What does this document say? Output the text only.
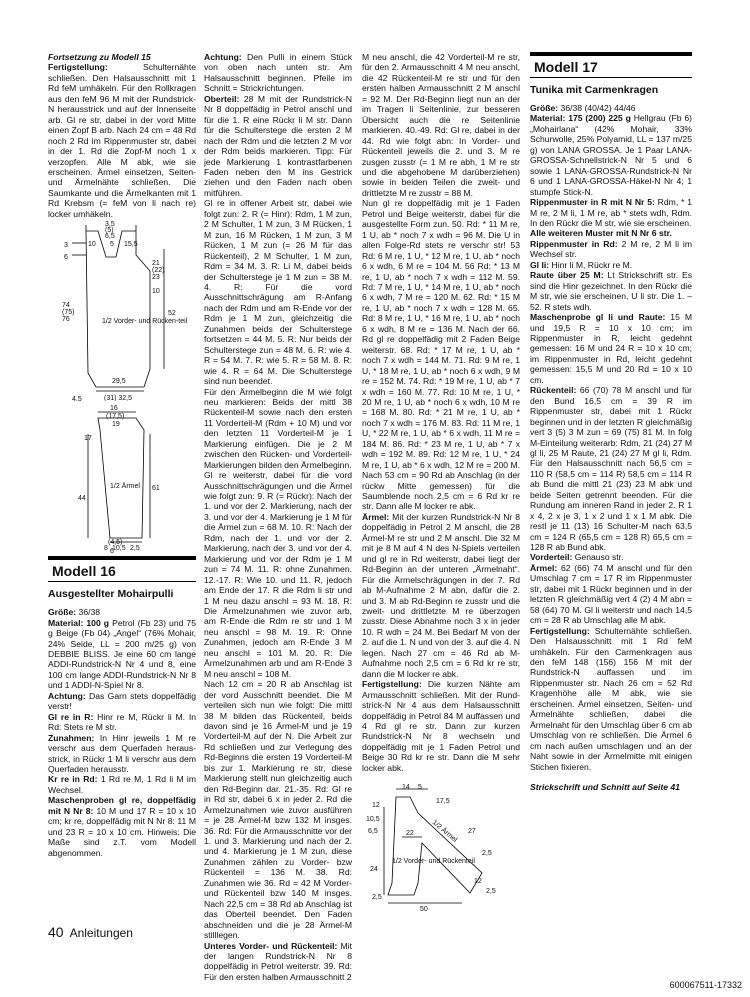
Fortsetzung zu Modell 15

Fertigstellung: Schulternähte schließen. Den Halsausschnitt mit 1 Rd feM umhäkeln. Für den Rollkragen aus den feM 96 M mit der Rundstrick-N herausstrick und auf der Innenseite arb. Gl re str, dabei in der vord Mitte einen Zopf B arb. Nach 24 cm = 48 Rd noch 2 Rd im Rippenmuster str, dabei in der 1. Rd die Zopf-M noch 1 x verzopfen. Alle M abk, wie sie erscheinen. Ärmel einsetzen, Seiten- und Ärmelnähte schließen. Die Saumkante und die Ärmelkanten mit 1 Rd Krebsm (= feM von li nach re) locker umhäkeln.

3,5
(5)
6,5
10 5 15,5
3
6
21
(22)
23
10
74
(75)
76
52
29,5
4,5	(31) 32,5
1/2 Vorder- und Rücken-teil

16
(17,5)
19
17
44
61
8 10,5 2,5
(4,5)
6
1/2 Ärmel
Modell 16
Ausgestellter Mohairpulli

Größe: 36/38

Material: 100 g Petrol (Fb 23) und 75 g Beige (Fb 04) „Angel“ (76% Mohair, 24% Seide, LL = 200 m/25 g) von DEBBIE BLISS. Je eine 60 cm lange ADDI-Rundstrick-N Nr 4 und 8, eine 100 cm lange ADDI-Rundstrick-N Nr 8 und 1 ADDI-N-Spiel Nr 8.

Achtung: Das Garn stets doppelfädig verstr!

Gl re in R: Hinr re M, Rückr li M. In Rd: Stets re M str.

Zunahmen: In Hinr jeweils 1 M re verschr aus dem Querfaden herausstrick, in Rückr 1 M li verschr aus dem Querfaden herausstr.

Kr re in Rd: 1 Rd re M, 1 Rd li M im Wechsel.

Maschenproben gl re, doppelfädig mit N Nr 8: 10 M und 17 R = 10 x 10 cm; kr re, doppelfädig mit N Nr 8: 11 M und 23 R = 10 x 10 cm. Hinweis: Die Maße sind z.T. vom Modell abgenommen.

Achtung: Den Pulli in einem Stück von oben nach unten str. Am Halsausschnitt beginnen. Pfeile im Schnitt = Strickrichtungen.

Oberteil: 28 M mit der Rundstrick-N Nr 8 doppelfädig in Petrol anschl und für die 1. R eine Rückr li M str. Dann für die Schulterstege die ersten 2 M nach der Rdm und die letzten 2 M vor der Rdm beids markieren. Tipp: Für jede Markierung 1 kontrastfarbenen Faden neben den M ins Gestrick ziehen und den Faden nach oben mitführen.
Gl re in offener Arbeit str, dabei wie folgt zun: 2. R (= Hinr): Rdm, 1 M zun, 2 M Schulter, 1 M zun, 3 M Rücken, 1 M zun, 16 M Rücken, 1 M zun, 3 M Rücken, 1 M zun (= 26 M für das Rückenteil), 2 M Schulter, 1 M zun, Rdm = 34 M. 3. R: Li M, dabei beids der Schulterstege je 1 M zun = 38 M. 4. R: Für die vord Ausschnittschrägung am R-Anfang nach der Rdm und am R-Ende vor der Rdm je 1 M zun, gleichzeitig die Zunahmen beids der Schulterstege fortsetzen = 44 M. 5. R: Nur beids der Schulterstege zun = 48 M. 6. R: wie 4. R = 54 M. 7. R: wie 5. R = 58 M. 8. R: wie 4. R = 64 M. Die Schulterstege sind nun beendet.
Für den Ärmelbeginn die M wie folgt neu markieren: Beids der mittl 38 Rückenteil-M sowie nach den ersten 11 Vorderteil-M (Rdm + 10 M) und vor den letzten 11 Vorderteil-M je 1 Markierung einfügen. Die je 2 M zwischen den Rücken- und Vorderteil-Markierungen bilden den Ärmelbeginn.
Gl re weiterstr, dabei für die vord Ausschnittschrägungen und die Ärmel wie folgt zun: 9. R (= Rückr): Nach der 1. und vor der 2. Markierung, nach der 3. und vor der 4. Markierung je 1 M für die Ärmel zun = 68 M. 10. R: Nach der Rdm, nach der 1. und vor der 2. Markierung, nach der 3. und vor der 4. Markierung und vor der Rdm je 1 M zun = 74 M. 11. R: ohne Zunahmen. 12.-17. R: Wie 10. und 11. R, jedoch am Ende der 17. R die Rdm li str und 1 M neu dazu anschl = 93 M. 18. R: Die Ärmelzunahmen wie zuvor arb, am R-Ende die Rdm re str und 1 M neu anschl = 98 M. 19. R: Ohne Zunahmen, jedoch am R-Ende 3 M neu anschl = 101 M. 20. R: Die Ärmelzunahmen arb und am R-Ende 3 M neu anschl = 108 M.
Nach 12 cm = 20 R ab Anschlag ist der vord Ausschnitt beendet. Die M verteilen sich nun wie folgt: Die mittl 38 M bilden das Rückenteil, beids davon sind je 16 Ärmel-M und je 19 Vorderteil-M auf der N. Die Arbeit zur Rd schließen und zur Verlegung des Rd-Beginns die ersten 19 Vorderteil-M bis zur 1. Markierung re str, diese Markierung stellt nun gleichzeitig auch den Rd-Beginn dar. 21.-35. Rd: Gl re in Rd str, dabei 6 x in jeder 2. Rd die Ärmelzunahmen wie zuvor ausführen = je 28 Ärmel-M bzw 132 M insges. 36. Rd: Für die Armausschnitte vor der 1. und 3. Markierung und nach der 2. und 4. Markierung je 1 M zun, diese Zunahmen zählen zu Vorder- bzw Rückenteil = 136 M. 38. Rd: Zunahmen wie 36. Rd = 42 M Vorder- und Rückenteil bzw 140 M insges. Nach 22,5 cm = 38 Rd ab Anschlag ist das Oberteil beendet. Den Faden abschneiden und die je 28 Ärmel-M stilllegen.

Unteres Vorder- und Rückenteil: Mit der langen Rundstrick-N Nr 8 doppelfädig in Petrol weiterstr. 39. Rd: Für den ersten halben Armausschnitt 2

M neu anschl, die 42 Vorderteil-M re str, für den 2. Armausschnitt 4 M neu anschl, die 42 Rückenteil-M re str und für den ersten halben Armausschnitt 2 M anschl = 92 M. Der Rd-Beginn liegt nun an der im Tragen li Seitenlinie, zur besseren Übersicht auch die re Seitenlinie markieren. 40.-49. Rd: Gl re, dabei in der 44. Rd wie folgt abn: In Vorder- und Rückenteil jeweils die 2. und 3. M re zusgen zusstr (= 1 M re abh, 1 M re str und die abgehobene M darüberziehen) sowie in beiden Teilen die zweit- und drittletzte M re zusstr = 88 M.
Nun gl re doppelfädig mit je 1 Faden Petrol und Beige weiterstr, dabei für die ausgestellte Form zun. 50. Rd: * 11 M re, 1 U, ab * noch 7 x wdh = 96 M. Die U in allen Folge-Rd stets re verschr str! 53 Rd: 6 M re, 1 U, * 12 M re, 1 U, ab * noch 6 x wdh, 6 M re = 104 M. 56 Rd: * 13 M re, 1 U, ab * noch 7 x wdh = 112 M. 59. Rd: 7 M re, 1 U, * 14 M re, 1 U, ab * noch 6 x wdh, 7 M re = 120 M. 62. Rd: * 15 M re, 1 U, ab * noch 7 x wdh = 128 M. 65. Rd: 8 M re, 1 U, * 16 M re, 1 U, ab * noch 6 x wdh, 8 M re = 136 M. Nach der 66. Rd gl re doppelfädig mit 2 Faden Beige weiterstr. 68. Rd: * 17 M re, 1 U, ab * noch 7 x wdh = 144 M. 71. Rd: 9 M re, 1 U, * 18 M re, 1 U, ab * noch 6 x wdh, 9 M re = 152 M. 74. Rd: * 19 M re, 1 U, ab * 7 x wdh = 160 M. 77. Rd: 10 M re, 1 U, * 20 M re, 1 U, ab * noch 6 x wdh, 10 M re = 168 M. 80. Rd: * 21 M re, 1 U, ab * noch 7 x wdh = 176 M. 83. Rd: 11 M re, 1 U, * 22 M re, 1 U, ab * 6 x wdh, 11 M re = 184 M. 86. Rd: * 23 M re, 1 U, ab * 7 x wdh = 192 M. 89. Rd: 12 M re, 1 U, * 24 M re, 1 U, ab * 6 x wdh, 12 M re = 200 M. Nach 53 cm = 90 Rd ab Anschlag (in der rückw Mitte gemessen) für die Saumblende noch 2,5 cm = 6 Rd kr re str. Dann alle M locker re abk.

Ärmel: Mit der kurzen Rundstrick-N Nr 8 doppelfädig in Petrol 2 M anschl, die 28 Ärmel-M re str und 2 M anschl. Die 32 M mit je 8 M auf 4 N des N-Spiels verteilen und gl re in Rd weiterstr, dabei liegt der Rd-Beginn an der unteren „Ärmelnaht“. Für die Ärmelschrägungen in der 7. Rd ab M-Aufnahme 2 M abn, dafür die 2. und 3. M ab Rd-Beginn re zusstr und die zweit- und drittletzte M re überzogen zusstr. Diese Abnahme noch 3 x in jeder 10. R wdh = 24 M. Bei Bedarf M von der 2. auf die 1. N und von der 3. auf die 4. N legen. Nach 27 cm = 46 Rd ab M-Aufnahme noch 2,5 cm = 6 Rd kr re str, dann die M locker re abk.

Fertigstellung: Die kurzen Nähte am Armausschnitt schließen. Mit der Rundstrick-N Nr 4 aus dem Halsausschnitt doppelfädig in Petrol 84 M auffassen und 4 Rd gl re str. Dann zur kurzen Rundstrick-N Nr 8 wechseln und doppelfädig mit je 1 Faden Petrol und Beige 30 Rd kr re str. Dann die M sehr locker abk.

14 5
12
10,5
6,5
17,5
27
22
2,5
24
12
2,5
50
2,5
1/2 Vorder- und Rückenteil
1/2 Ärmel
Modell 17
Tunika mit Carmenkragen

Größe: 36/38 (40/42) 44/46

Material: 175 (200) 225 g Hellgrau (Fb 6) „Mohairlana“ (42% Mohair, 33% Schurwolle, 25% Polyamid, LL = 137 m/25 g) von LANA GROSSA. Je 1 Paar LANA-GROSSA-Schnellstrick-N Nr 5 und 6 sowie 1 LANA-GROSSA-Rundstrick-N Nr 6 und 1 LANA-GROSSA-Häkel-N Nr 4; 1 stumpfe Stick-N.

Rippenmuster in R mit N Nr 5: Rdm, * 1 M re, 2 M li, 1 M re, ab * stets wdh, Rdm. In den Rückr die M str, wie sie erscheinen.

Alle weiteren Muster mit N Nr 6 str.

Rippenmuster in Rd: 2 M re, 2 M li im Wechsel str.

Gl li: Hinr li M, Rückr re M.

Raute über 25 M: Lt Strickschrift str. Es sind die Hinr gezeichnet. In den Rückr die M str, wie sie erscheinen, U li str. Die 1. – 52. R stets wdh.

Maschenprobe gl li und Raute: 15 M und 19,5 R = 10 x 10 cm; im Rippenmuster in R, leicht gedehnt gemessen: 16 M und 24 R = 10 x 10 cm; im Rippenmuster in Rd, leicht gedehnt gemessen: 15,5 M und 20 Rd = 10 x 10 cm.

Rückenteil: 66 (70) 78 M anschl und für den Bund 16,5 cm = 39 R im Rippenmuster str, dabei mit 1 Rückr beginnen und in der letzten R gleichmäßig vert 3 (5) 3 M zun = 69 (75) 81 M. In folg M-Einteilung weiterarb: Rdm, 21 (24) 27 M gl li, 25 M Raute, 21 (24) 27 M gl li, Rdm. Für den Halsausschnitt nach 56,5 cm = 110 R (58,5 cm = 114 R) 58,5 cm = 114 R ab Bund die mittl 21 (23) 23 M abk und beide Seiten getrennt beenden. Für die Rundung am inneren Rand in jeder 2. R 1 x 4, 2 x je 3, 1 x 2 und 1 x 1 M abk. Die restl je 11 (13) 16 Schulter-M nach 63,5 cm = 124 R (65,5 cm = 128 R) 65,5 cm = 128 R ab Bund abk.

Vorderteil: Genauso str.

Ärmel: 62 (66) 74 M anschl und für den Umschlag 7 cm = 17 R im Rippenmuster str, dabei mit 1 Rückr beginnen und in der letzten R gleichmäßig vert 4 (2) 4 M abn = 58 (64) 70 M. Gl li weiterstr und nach 14,5 cm = 28 R ab Umschlag alle M abk.

Fertigstellung: Schulternähte schließen. Den Halsausschnitt mit 1 Rd feM umhäkeln. Für den Carmenkragen aus den feM 148 (156) 156 M mit der Rundstrick-N auffassen und im Rippenmuster str. Nach 26 cm = 52 Rd Kragenhöhe alle M abk, wie sie erscheinen. Ärmel einsetzen, Seiten- und Ärmelnähte schließen, dabei die Ärmelnaht für den Umschlag über 6 cm ab Umschlag von re schließen. Die Ärmel 6 cm nach außen umschlagen und an der Naht sowie in der Ärmelmitte mit einigen Stichen fixieren.

Strickschrift und Schnitt auf Seite 41

40 Anleitungen
600067511-17332
